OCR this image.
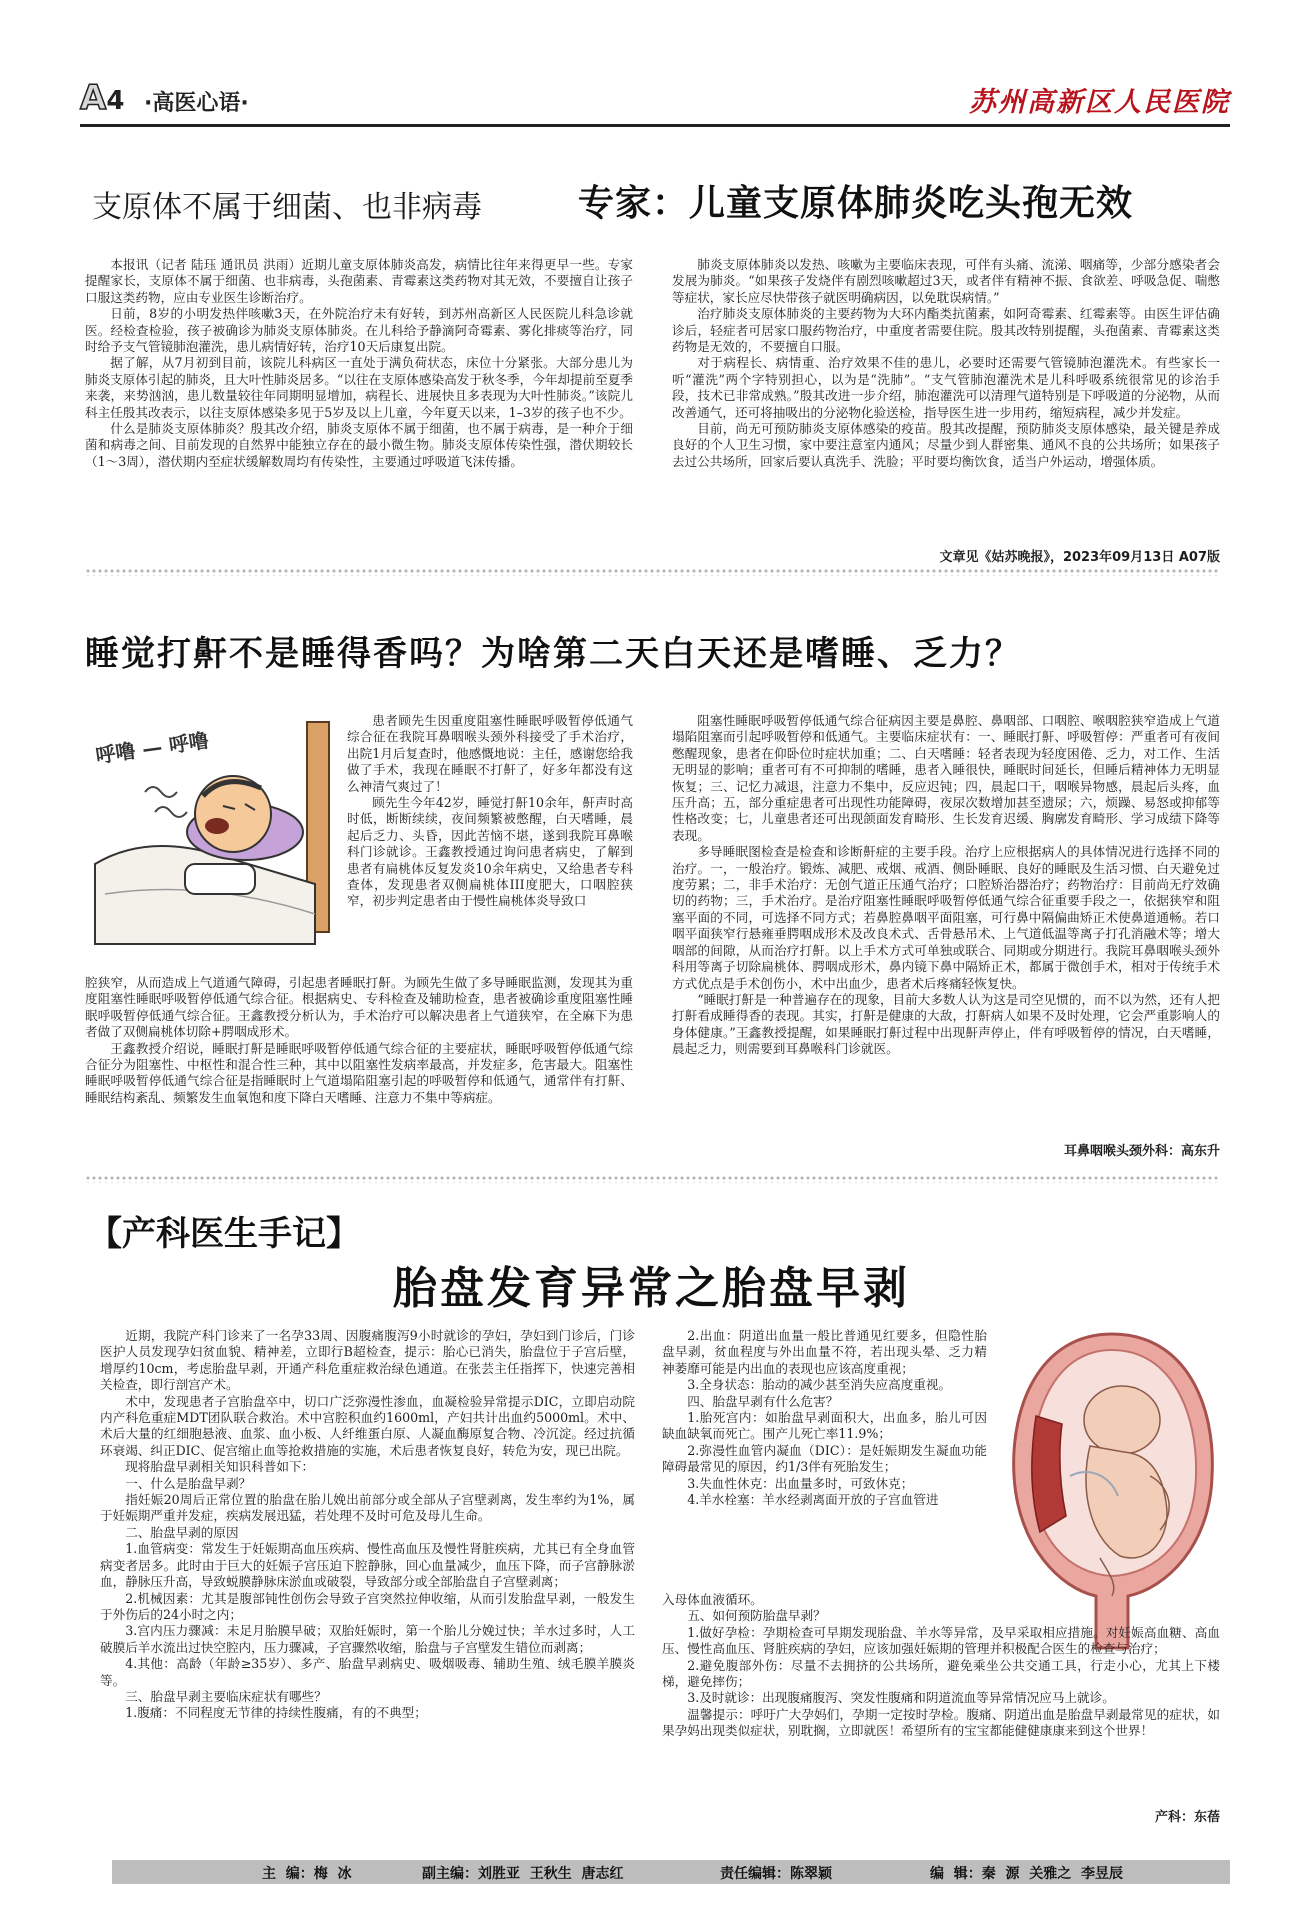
A4 ·高医心语·	苏州高新区人民医院
支原体不属于细菌、也非病毒	专家：儿童支原体肺炎吃头孢无效

本报讯（记者 陆珏 通讯员 洪雨）近期儿童支原体肺炎高发，病情比往年来得更早一些。专家提醒家长，支原体不属于细菌、也非病毒，头孢菌素、青霉素这类药物对其无效，不要擅自让孩子口服这类药物，应由专业医生诊断治疗。

日前，8岁的小明发热伴咳嗽3天，在外院治疗未有好转，到苏州高新区人民医院儿科急诊就医。经检查检验，孩子被确诊为肺炎支原体肺炎。在儿科给予静滴阿奇霉素、雾化排痰等治疗，同时给予支气管镜肺泡灌洗，患儿病情好转，治疗10天后康复出院。

据了解，从7月初到目前，该院儿科病区一直处于满负荷状态，床位十分紧张。大部分患儿为肺炎支原体引起的肺炎，且大叶性肺炎居多。“以往在支原体感染高发于秋冬季，今年却提前至夏季来袭，来势汹汹，患儿数量较往年同期明显增加，病程长、进展快且多表现为大叶性肺炎。”该院儿科主任殷其改表示，以往支原体感染多见于5岁及以上儿童，今年夏天以来，1–3岁的孩子也不少。

什么是肺炎支原体肺炎？殷其改介绍，肺炎支原体不属于细菌，也不属于病毒，是一种介于细菌和病毒之间、目前发现的自然界中能独立存在的最小微生物。肺炎支原体传染性强，潜伏期较长（1～3周），潜伏期内至症状缓解数周均有传染性，主要通过呼吸道飞沫传播。

肺炎支原体肺炎以发热、咳嗽为主要临床表现，可伴有头痛、流涕、咽痛等，少部分感染者会发展为肺炎。“如果孩子发烧伴有剧烈咳嗽超过3天，或者伴有精神不振、食欲差、呼吸急促、喘憋等症状，家长应尽快带孩子就医明确病因，以免耽误病情。”

治疗肺炎支原体肺炎的主要药物为大环内酯类抗菌素，如阿奇霉素、红霉素等。由医生评估确诊后，轻症者可居家口服药物治疗，中重度者需要住院。殷其改特别提醒，头孢菌素、青霉素这类药物是无效的，不要擅自口服。

对于病程长、病情重、治疗效果不佳的患儿，必要时还需要气管镜肺泡灌洗术。有些家长一听“灌洗”两个字特别担心，以为是“洗肺”。“支气管肺泡灌洗术是儿科呼吸系统很常见的诊治手段，技术已非常成熟。”殷其改进一步介绍，肺泡灌洗可以清理气道特别是下呼吸道的分泌物，从而改善通气，还可将抽吸出的分泌物化验送检，指导医生进一步用药，缩短病程，减少并发症。

目前，尚无可预防肺炎支原体感染的疫苗。殷其改提醒，预防肺炎支原体感染，最关键是养成良好的个人卫生习惯，家中要注意室内通风；尽量少到人群密集、通风不良的公共场所；如果孩子去过公共场所，回家后要认真洗手、洗脸；平时要均衡饮食，适当户外运动，增强体质。

文章见《姑苏晚报》，2023年09月13日 A07版
睡觉打鼾不是睡得香吗？为啥第二天白天还是嗜睡、乏力？
呼噜 — 呼噜

患者顾先生因重度阻塞性睡眠呼吸暂停低通气综合征在我院耳鼻咽喉头颈外科接受了手术治疗，出院1月后复查时，他感慨地说：主任，感谢您给我做了手术，我现在睡眠不打鼾了，好多年都没有这么神清气爽过了！

顾先生今年42岁，睡觉打鼾10余年，鼾声时高时低，断断续续，夜间频繁被憋醒，白天嗜睡，晨起后乏力、头昏，因此苦恼不堪，遂到我院耳鼻喉科门诊就诊。王鑫教授通过询问患者病史，了解到患者有扁桃体反复发炎10余年病史，又给患者专科查体，发现患者双侧扁桃体III度肥大，口咽腔狭窄，初步判定患者由于慢性扁桃体炎导致口

腔狭窄，从而造成上气道通气障碍，引起患者睡眠打鼾。为顾先生做了多导睡眠监测，发现其为重度阻塞性睡眠呼吸暂停低通气综合征。根据病史、专科检查及辅助检查，患者被确诊重度阻塞性睡眠呼吸暂停低通气综合征。王鑫教授分析认为，手术治疗可以解决患者上气道狭窄，在全麻下为患者做了双侧扁桃体切除+腭咽成形术。

王鑫教授介绍说，睡眠打鼾是睡眠呼吸暂停低通气综合征的主要症状，睡眠呼吸暂停低通气综合征分为阻塞性、中枢性和混合性三种，其中以阻塞性发病率最高，并发症多，危害最大。阻塞性睡眠呼吸暂停低通气综合征是指睡眠时上气道塌陷阻塞引起的呼吸暂停和低通气，通常伴有打鼾、睡眠结构紊乱、频繁发生血氧饱和度下降白天嗜睡、注意力不集中等病症。

阻塞性睡眠呼吸暂停低通气综合征病因主要是鼻腔、鼻咽部、口咽腔、喉咽腔狭窄造成上气道塌陷阻塞而引起呼吸暂停和低通气。主要临床症状有：一、睡眠打鼾、呼吸暂停：严重者可有夜间憋醒现象，患者在仰卧位时症状加重；二、白天嗜睡：轻者表现为轻度困倦、乏力，对工作、生活无明显的影响；重者可有不可抑制的嗜睡，患者入睡很快，睡眠时间延长，但睡后精神体力无明显恢复；三、记忆力减退，注意力不集中，反应迟钝；四，晨起口干，咽喉异物感，晨起后头疼，血压升高；五，部分重症患者可出现性功能障碍，夜尿次数增加甚至遗尿；六，烦躁、易怒或抑郁等性格改变；七，儿童患者还可出现颌面发育畸形、生长发育迟缓、胸廓发育畸形、学习成绩下降等表现。

多导睡眠图检查是检查和诊断鼾症的主要手段。治疗上应根据病人的具体情况进行选择不同的治疗。一，一般治疗。锻炼、减肥、戒烟、戒酒、侧卧睡眠、良好的睡眠及生活习惯、白天避免过度劳累；二，非手术治疗：无创气道正压通气治疗；口腔矫治器治疗；药物治疗：目前尚无疗效确切的药物；三，手术治疗。是治疗阻塞性睡眠呼吸暂停低通气综合征重要手段之一，依据狭窄和阻塞平面的不同，可选择不同方式；若鼻腔鼻咽平面阻塞，可行鼻中隔偏曲矫正术使鼻道通畅。若口咽平面狭窄行悬雍垂腭咽成形术及改良术式、舌骨悬吊术、上气道低温等离子打孔消融术等；增大咽部的间隙，从而治疗打鼾。以上手术方式可单独或联合、同期或分期进行。我院耳鼻咽喉头颈外科用等离子切除扁桃体、腭咽成形术，鼻内镜下鼻中隔矫正术，都属于微创手术，相对于传统手术方式优点是手术创伤小，术中出血少，患者术后疼痛轻恢复快。

“睡眠打鼾是一种普遍存在的现象，目前大多数人认为这是司空见惯的，而不以为然，还有人把打鼾看成睡得香的表现。其实，打鼾是健康的大敌，打鼾病人如果不及时处理，它会严重影响人的身体健康。”王鑫教授提醒，如果睡眠打鼾过程中出现鼾声停止，伴有呼吸暂停的情况，白天嗜睡，晨起乏力，则需要到耳鼻喉科门诊就医。

耳鼻咽喉头颈外科：高东升
【产科医生手记】
胎盘发育异常之胎盘早剥

近期，我院产科门诊来了一名孕33周、因腹痛腹泻9小时就诊的孕妇，孕妇到门诊后，门诊医护人员发现孕妇贫血貌、精神差，立即行B超检查，提示：胎心已消失，胎盘位于子宫后壁，增厚约10cm，考虑胎盘早剥，开通产科危重症救治绿色通道。在张芸主任指挥下，快速完善相关检查，即行剖宫产术。

术中，发现患者子宫胎盘卒中，切口广泛弥漫性渗血，血凝检验异常提示DIC，立即启动院内产科危重症MDT团队联合救治。术中宫腔积血约1600ml，产妇共计出血约5000ml。术中、术后大量的红细胞悬液、血浆、血小板、人纤维蛋白原、人凝血酶原复合物、冷沉淀。经过抗循环衰竭、纠正DIC、促宫缩止血等抢救措施的实施，术后患者恢复良好，转危为安，现已出院。

现将胎盘早剥相关知识科普如下：

一、什么是胎盘早剥？

指妊娠20周后正常位置的胎盘在胎儿娩出前部分或全部从子宫壁剥离，发生率约为1%，属于妊娠期严重并发症，疾病发展迅猛，若处理不及时可危及母儿生命。

二、胎盘早剥的原因

1.血管病变：常发生于妊娠期高血压疾病、慢性高血压及慢性肾脏疾病，尤其已有全身血管病变者居多。此时由于巨大的妊娠子宫压迫下腔静脉，回心血量减少，血压下降，而子宫静脉淤血，静脉压升高，导致蜕膜静脉床淤血或破裂，导致部分或全部胎盘自子宫壁剥离；

2.机械因素：尤其是腹部钝性创伤会导致子宫突然拉伸收缩，从而引发胎盘早剥，一般发生于外伤后的24小时之内；

3.宫内压力骤减：未足月胎膜早破；双胎妊娠时，第一个胎儿分娩过快；羊水过多时，人工破膜后羊水流出过快空腔内，压力骤减，子宫骤然收缩，胎盘与子宫壁发生错位而剥离；

4.其他：高龄（年龄≥35岁）、多产、胎盘早剥病史、吸烟吸毒、辅助生殖、绒毛膜羊膜炎等。

三、胎盘早剥主要临床症状有哪些？

1.腹痛：不同程度无节律的持续性腹痛，有的不典型；

2.出血：阴道出血量一般比普通见红要多，但隐性胎盘早剥，贫血程度与外出血量不符，若出现头晕、乏力精神萎靡可能是内出血的表现也应该高度重视；

3.全身状态：胎动的减少甚至消失应高度重视。

四、胎盘早剥有什么危害？

1.胎死宫内：如胎盘早剥面积大，出血多，胎儿可因缺血缺氧而死亡。围产儿死亡率11.9%；

2.弥漫性血管内凝血（DIC）：是妊娠期发生凝血功能障碍最常见的原因，约1/3伴有死胎发生；

3.失血性休克：出血量多时，可致休克；

4.羊水栓塞：羊水经剥离面开放的子宫血管进

入母体血液循环。

五、如何预防胎盘早剥？

1.做好孕检：孕期检查可早期发现胎盘、羊水等异常，及早采取相应措施。对妊娠高血糖、高血压、慢性高血压、肾脏疾病的孕妇，应该加强妊娠期的管理并积极配合医生的检查与治疗；

2.避免腹部外伤：尽量不去拥挤的公共场所，避免乘坐公共交通工具，行走小心，尤其上下楼梯，避免摔伤；

3.及时就诊：出现腹痛腹泻、突发性腹痛和阴道流血等异常情况应马上就诊。

温馨提示：呼吁广大孕妈们，孕期一定按时孕检。腹痛、阴道出血是胎盘早剥最常见的症状，如果孕妈出现类似症状，别耽搁，立即就医！希望所有的宝宝都能健健康康来到这个世界！

产科：东蓓
主  编：梅  冰	副主编：刘胜亚  王秋生  唐志红	责任编辑：陈翠颖	编  辑：秦  源  关雅之  李昱辰
